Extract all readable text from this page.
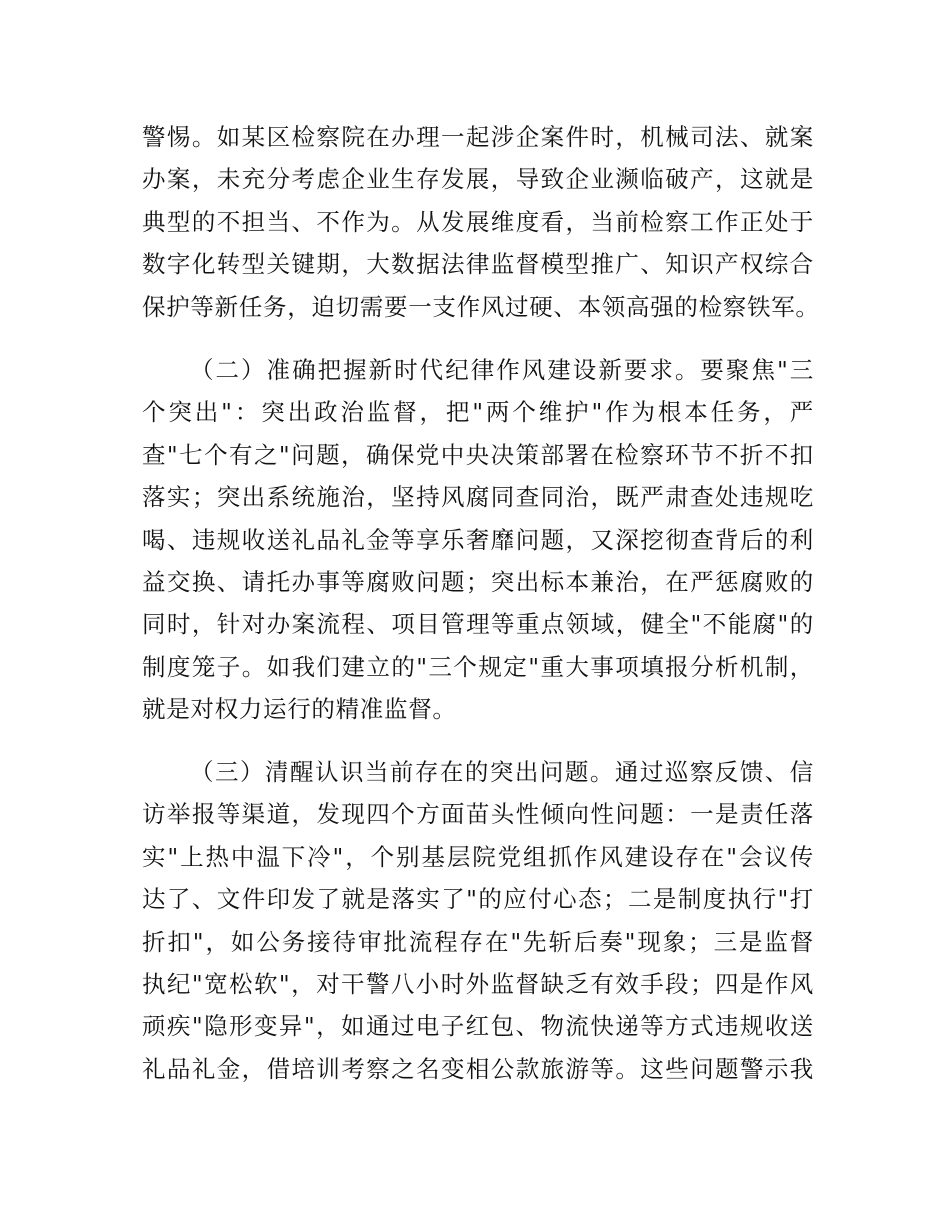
警惕。如某区检察院在办理一起涉企案件时，机械司法、就案
办案，未充分考虑企业生存发展，导致企业濒临破产，这就是
典型的不担当、不作为。从发展维度看，当前检察工作正处于
数字化转型关键期，大数据法律监督模型推广、知识产权综合
保护等新任务，迫切需要一支作风过硬、本领高强的检察铁军。
（二）准确把握新时代纪律作风建设新要求。要聚焦"三
个突出"：突出政治监督，把"两个维护"作为根本任务，严
查"七个有之"问题，确保党中央决策部署在检察环节不折不扣
落实；突出系统施治，坚持风腐同查同治，既严肃查处违规吃
喝、违规收送礼品礼金等享乐奢靡问题，又深挖彻查背后的利
益交换、请托办事等腐败问题；突出标本兼治，在严惩腐败的
同时，针对办案流程、项目管理等重点领域，健全"不能腐"的
制度笼子。如我们建立的"三个规定"重大事项填报分析机制，
就是对权力运行的精准监督。
（三）清醒认识当前存在的突出问题。通过巡察反馈、信
访举报等渠道，发现四个方面苗头性倾向性问题：一是责任落
实"上热中温下冷"，个别基层院党组抓作风建设存在"会议传
达了、文件印发了就是落实了"的应付心态；二是制度执行"打
折扣"，如公务接待审批流程存在"先斩后奏"现象；三是监督
执纪"宽松软"，对干警八小时外监督缺乏有效手段；四是作风
顽疾"隐形变异"，如通过电子红包、物流快递等方式违规收送
礼品礼金，借培训考察之名变相公款旅游等。这些问题警示我
